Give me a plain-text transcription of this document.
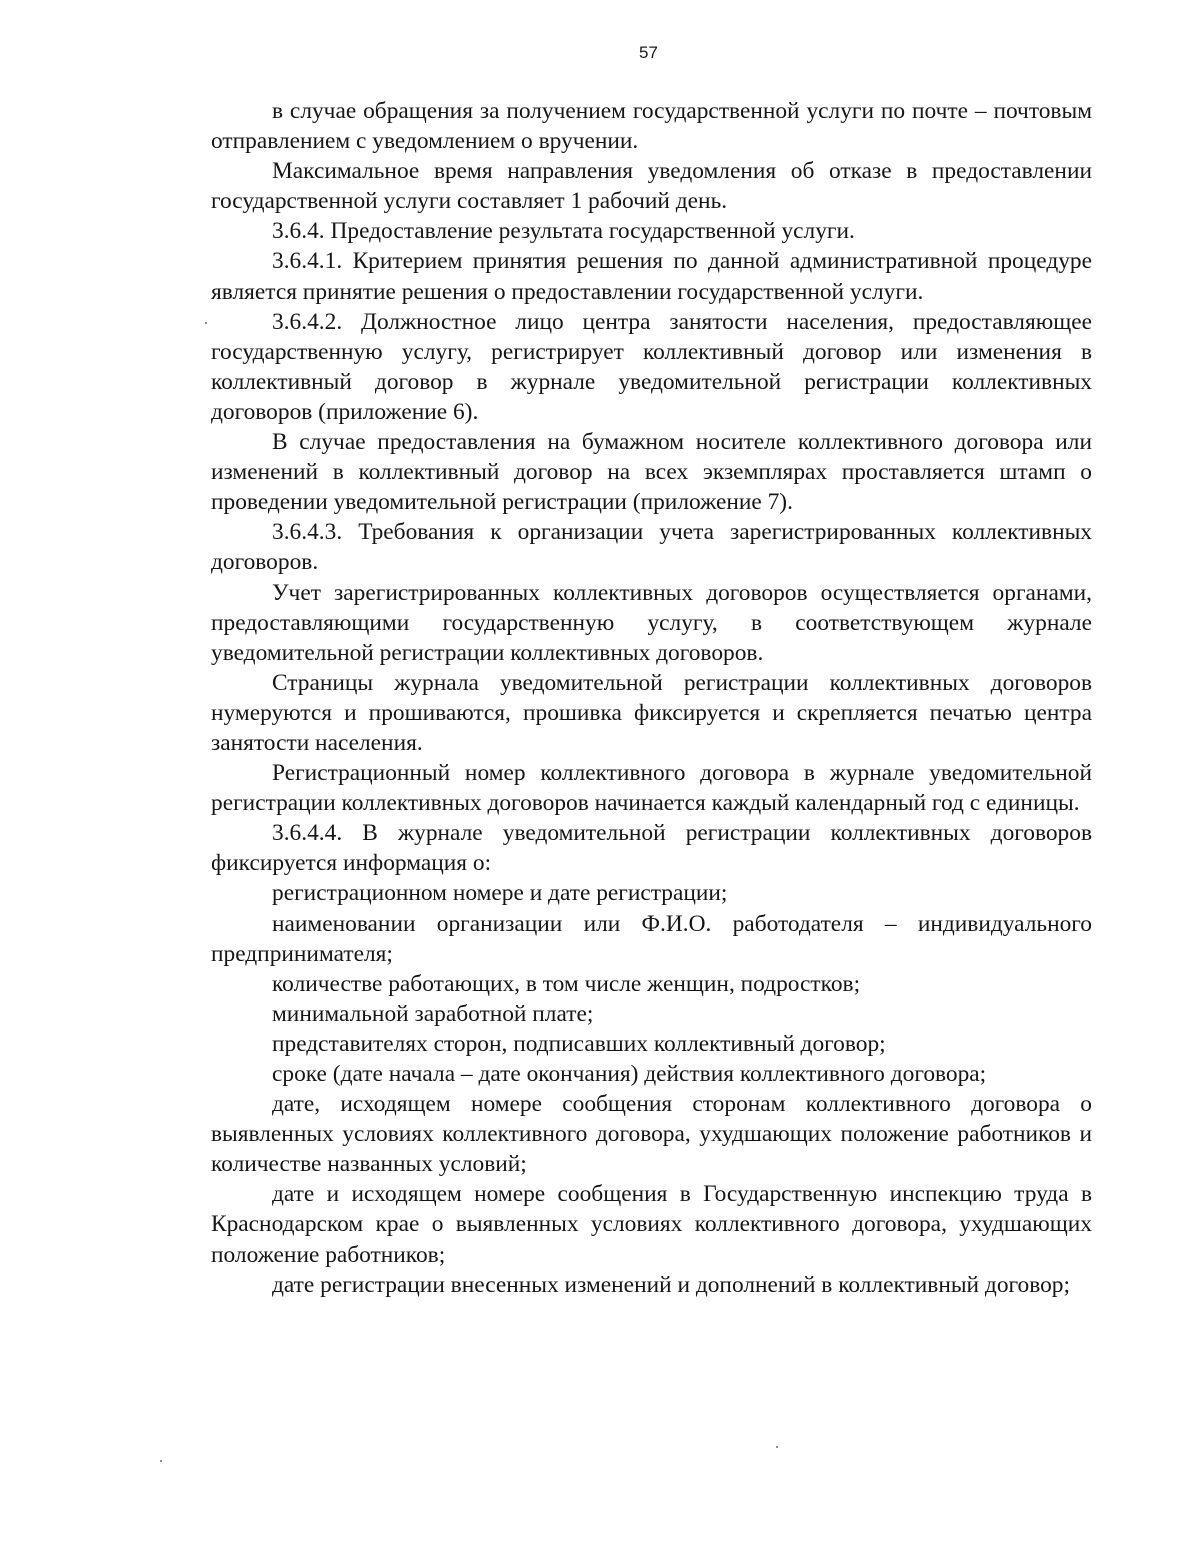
57

в случае обращения за получением государственной услуги по почте – почтовым отправлением с уведомлением о вручении.

Максимальное время направления уведомления об отказе в предоставлении государственной услуги составляет 1 рабочий день.

3.6.4. Предоставление результата государственной услуги.

3.6.4.1. Критерием принятия решения по данной административной процедуре является принятие решения о предоставлении государственной услуги.

3.6.4.2. Должностное лицо центра занятости населения, предоставляющее государственную услугу, регистрирует коллективный договор или изменения в коллективный договор в журнале уведомительной регистрации коллективных договоров (приложение 6).

В случае предоставления на бумажном носителе коллективного договора или изменений в коллективный договор на всех экземплярах проставляется штамп о проведении уведомительной регистрации (приложение 7).

3.6.4.3. Требования к организации учета зарегистрированных коллективных договоров.

Учет зарегистрированных коллективных договоров осуществляется органами, предоставляющими государственную услугу, в соответствующем журнале уведомительной регистрации коллективных договоров.

Страницы журнала уведомительной регистрации коллективных договоров нумеруются и прошиваются, прошивка фиксируется и скрепляется печатью центра занятости населения.

Регистрационный номер коллективного договора в журнале уведомительной регистрации коллективных договоров начинается каждый календарный год с единицы.

3.6.4.4. В журнале уведомительной регистрации коллективных договоров фиксируется информация о:

регистрационном номере и дате регистрации;

наименовании организации или Ф.И.О. работодателя – индивидуального предпринимателя;

количестве работающих, в том числе женщин, подростков;

минимальной заработной плате;

представителях сторон, подписавших коллективный договор;

сроке (дате начала – дате окончания) действия коллективного договора;

дате, исходящем номере сообщения сторонам коллективного договора о выявленных условиях коллективного договора, ухудшающих положение работников и количестве названных условий;

дате и исходящем номере сообщения в Государственную инспекцию труда в Краснодарском крае о выявленных условиях коллективного договора, ухудшающих положение работников;

дате регистрации внесенных изменений и дополнений в коллективный договор;
